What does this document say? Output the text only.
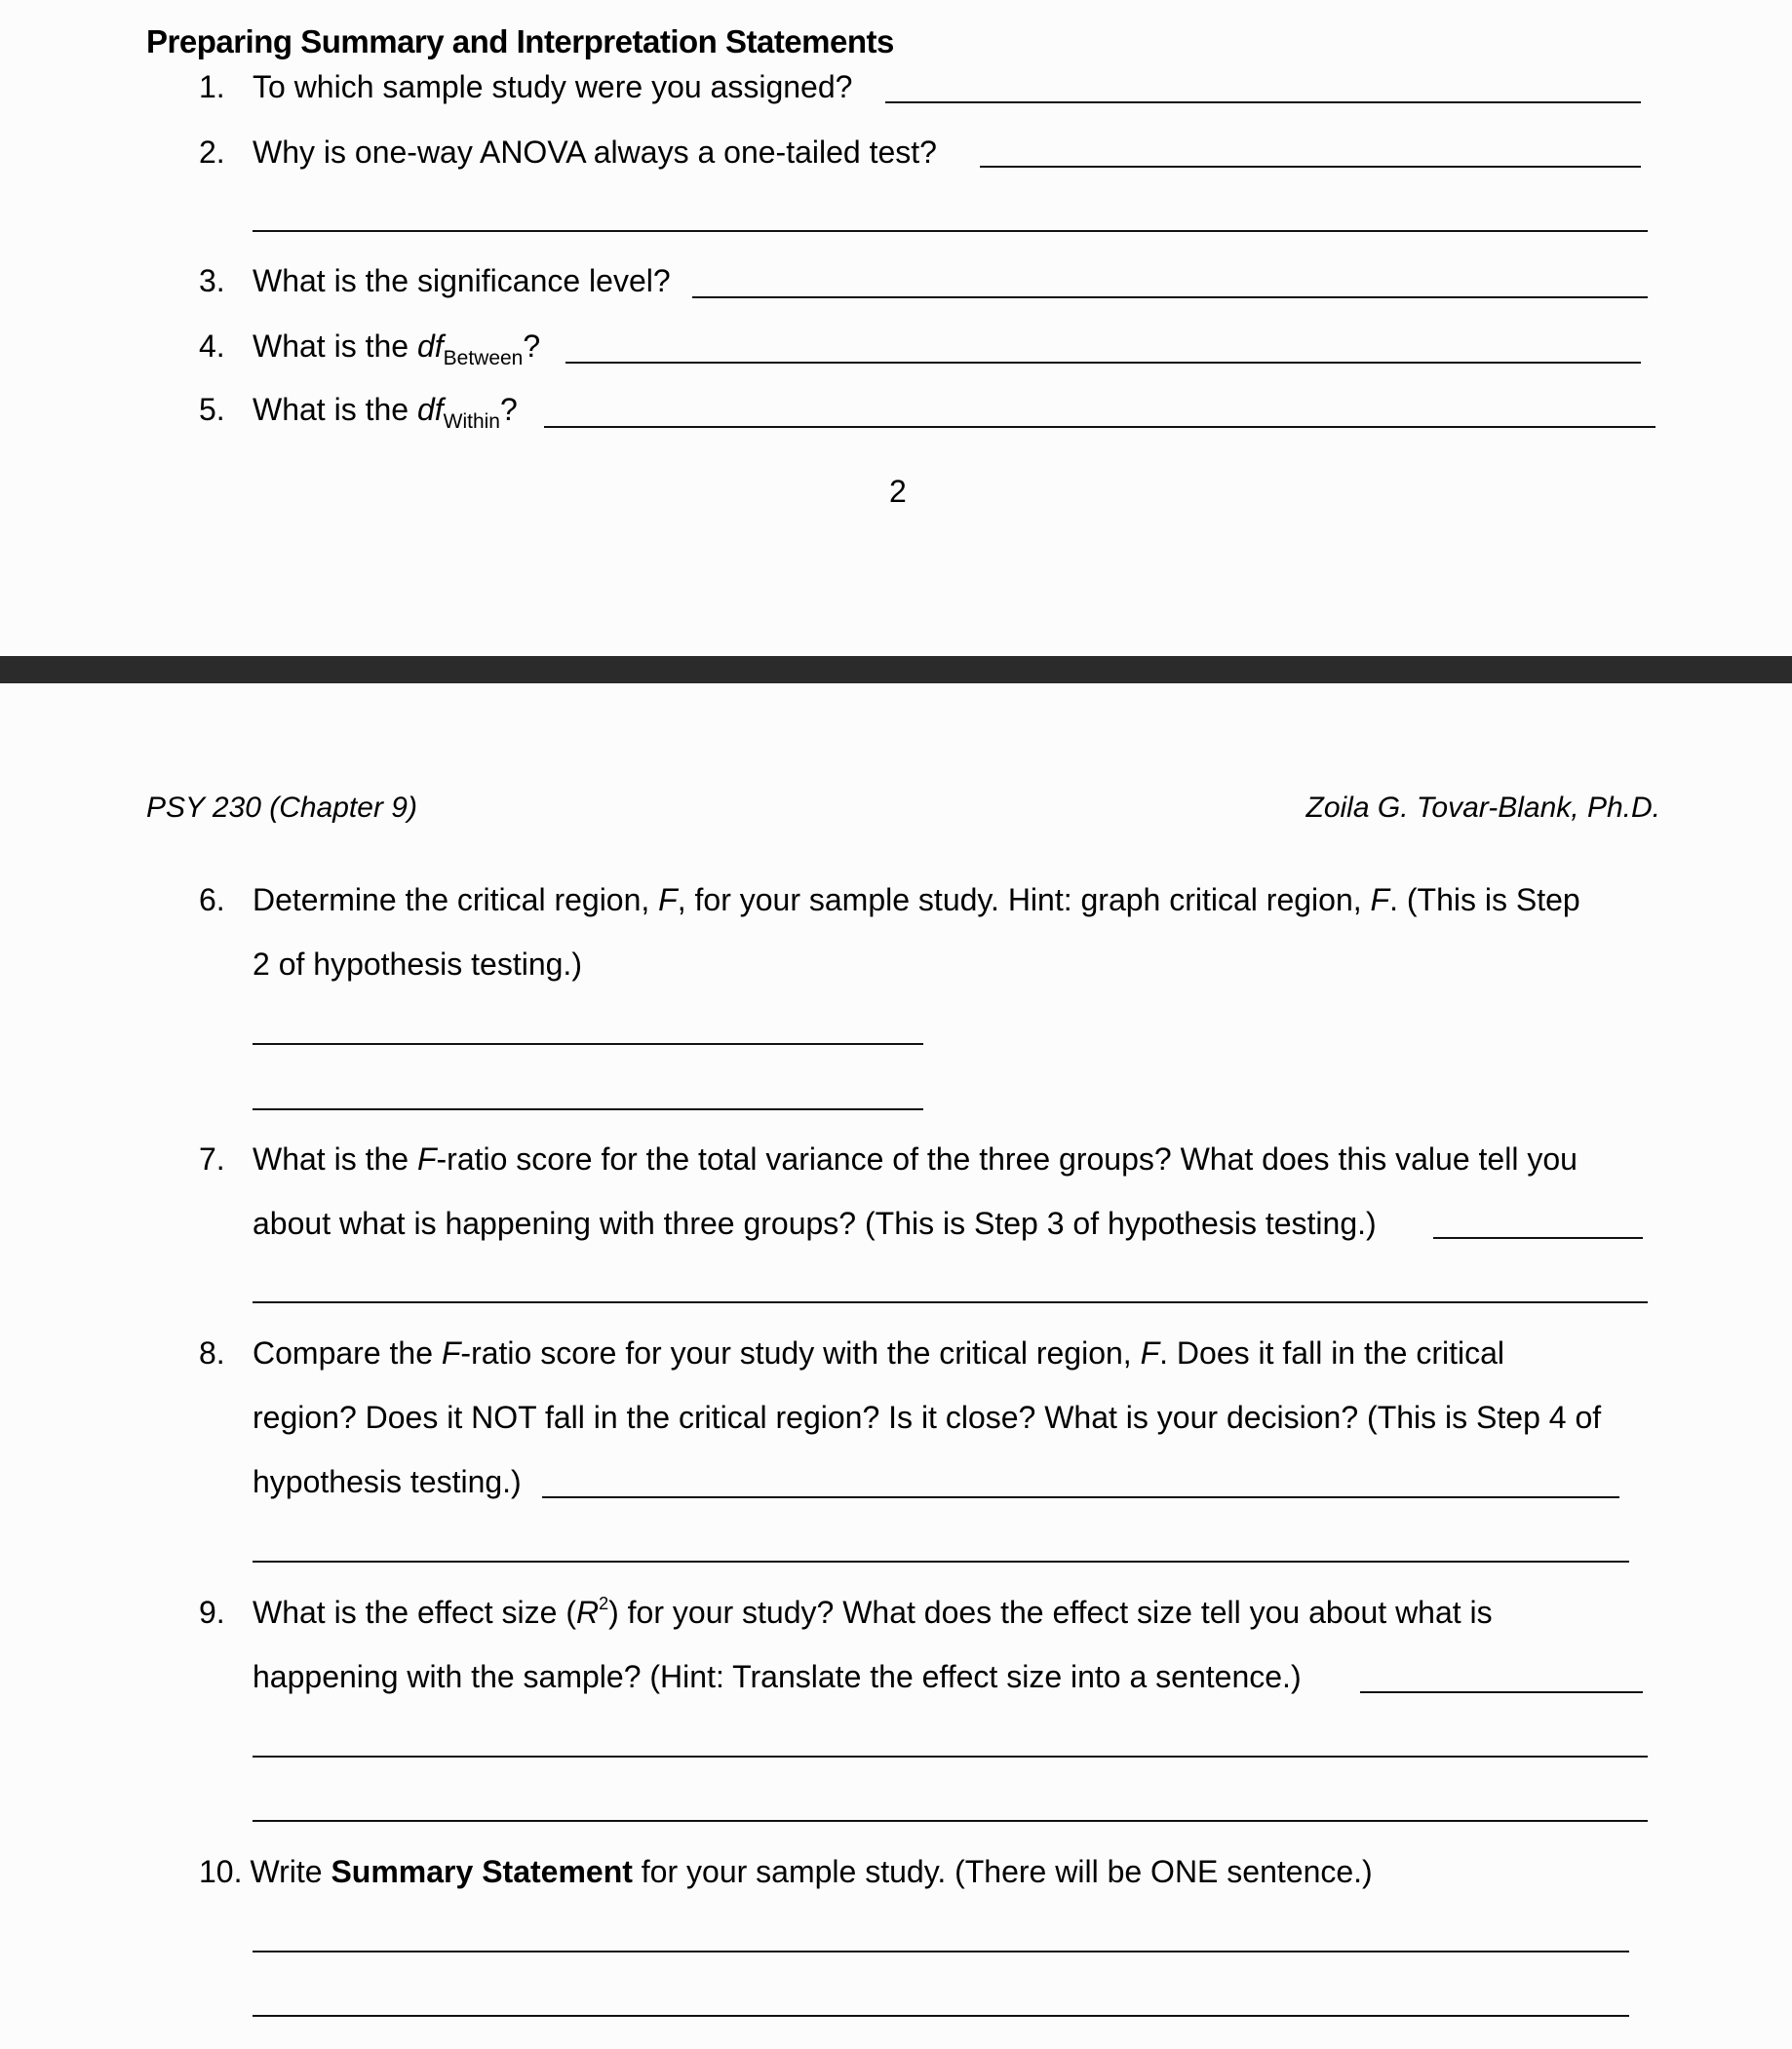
Preparing Summary and Interpretation Statements
1. To which sample study were you assigned?
2. Why is one-way ANOVA always a one-tailed test?
3. What is the significance level?
4. What is the $df_{Between}$?
5. What is the $df_{Within}$?
2
PSY 230 (Chapter 9)	Zoila G. Tovar-Blank, Ph.D.
6. Determine the critical region, F, for your sample study. Hint: graph critical region, F. (This is Step
2 of hypothesis testing.)
7. What is the F-ratio score for the total variance of the three groups? What does this value tell you
about what is happening with three groups? (This is Step 3 of hypothesis testing.)
8. Compare the F-ratio score for your study with the critical region, F. Does it fall in the critical
region? Does it NOT fall in the critical region? Is it close? What is your decision? (This is Step 4 of
hypothesis testing.)
9. What is the effect size $(R^2)$ for your study? What does the effect size tell you about what is
happening with the sample? (Hint: Translate the effect size into a sentence.)
10. Write Summary Statement for your sample study. (There will be ONE sentence.)
